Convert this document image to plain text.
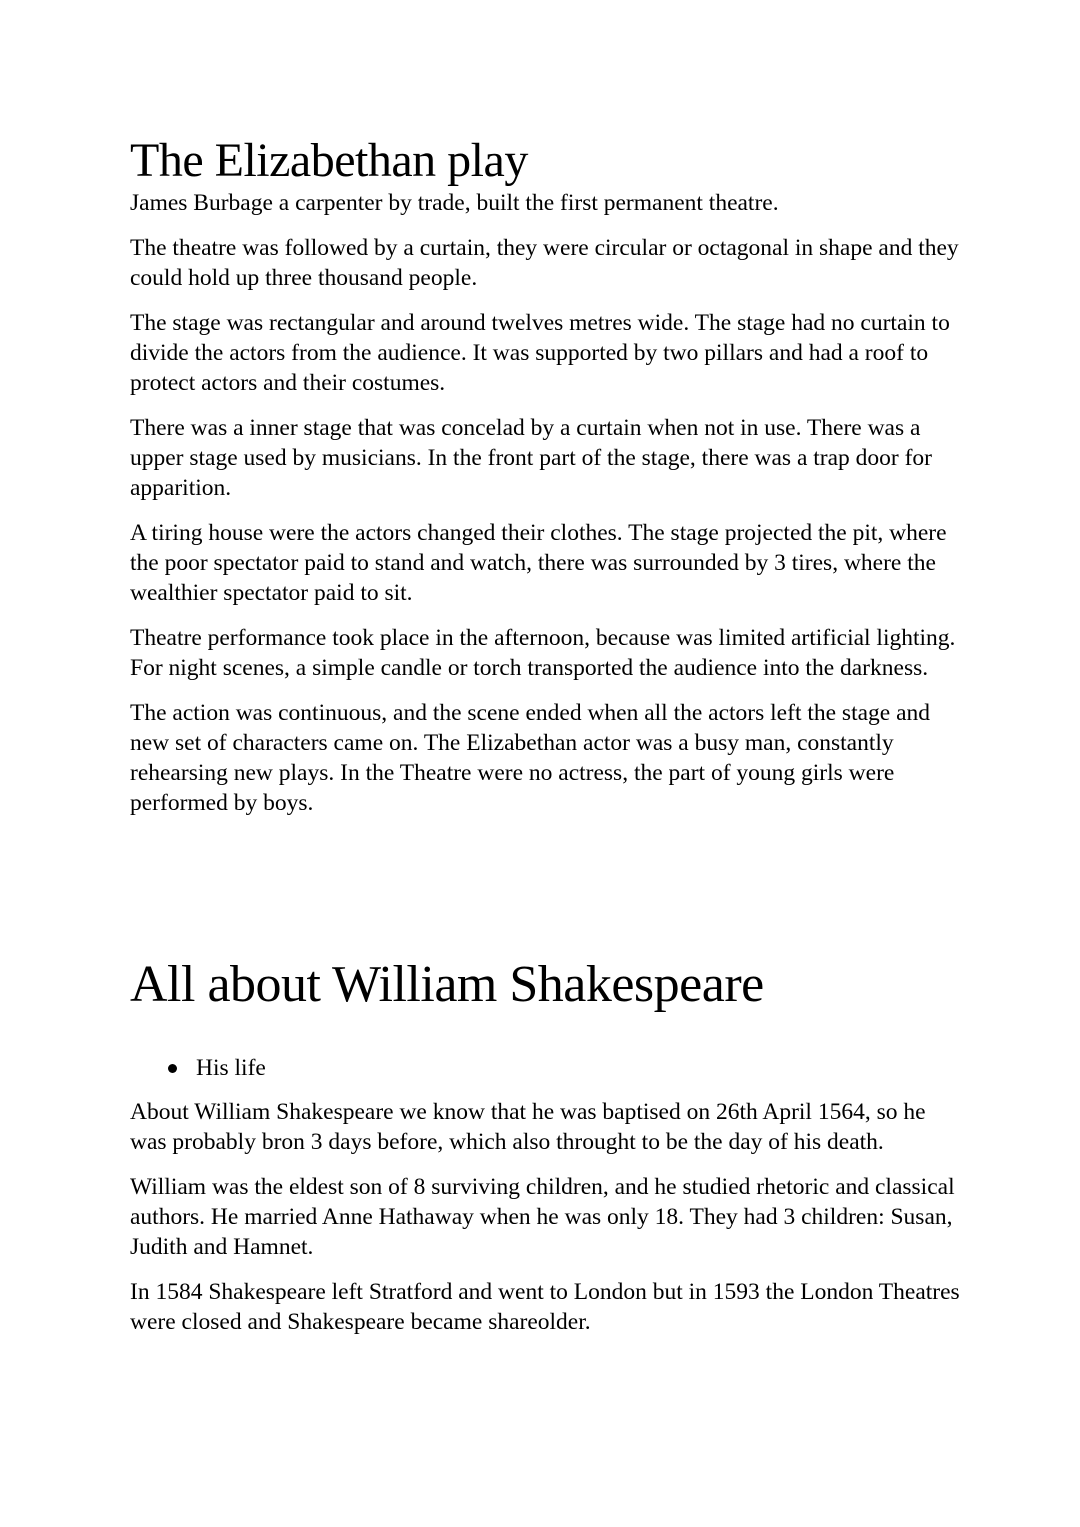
The Elizabethan play

James Burbage a carpenter by trade, built the first permanent theatre.

The theatre was followed by a curtain, they were circular or octagonal in shape and they could hold up three thousand people.

The stage was rectangular and around twelves metres wide. The stage had no curtain to divide the actors from the audience. It was supported by two pillars and had a roof to protect actors and their costumes.

There was a inner stage that was concelad by a curtain when not in use. There was a upper stage used by musicians. In the front part of the stage, there was a trap door for apparition.

A tiring house were the actors changed their clothes. The stage projected the pit, where the poor spectator paid to stand and watch, there was surrounded by 3 tires, where the wealthier spectator paid to sit.

Theatre performance took place in the afternoon, because was limited artificial lighting. For night scenes, a simple candle or torch transported the audience into the darkness.

The action was continuous, and the scene ended when all the actors left the stage and new set of characters came on. The Elizabethan actor was a busy man, constantly rehearsing new plays. In the Theatre were no actress, the part of young girls were performed by boys.

All about William Shakespeare
His life

About William Shakespeare we know that he was baptised on 26th April 1564, so he was probably bron 3 days before, which also throught to be the day of his death.

William was the eldest son of 8 surviving children, and he studied rhetoric and classical authors. He married Anne Hathaway when he was only 18. They had 3 children: Susan, Judith and Hamnet.

In 1584 Shakespeare left Stratford and went to London but in 1593 the London Theatres were closed and Shakespeare became shareolder.
